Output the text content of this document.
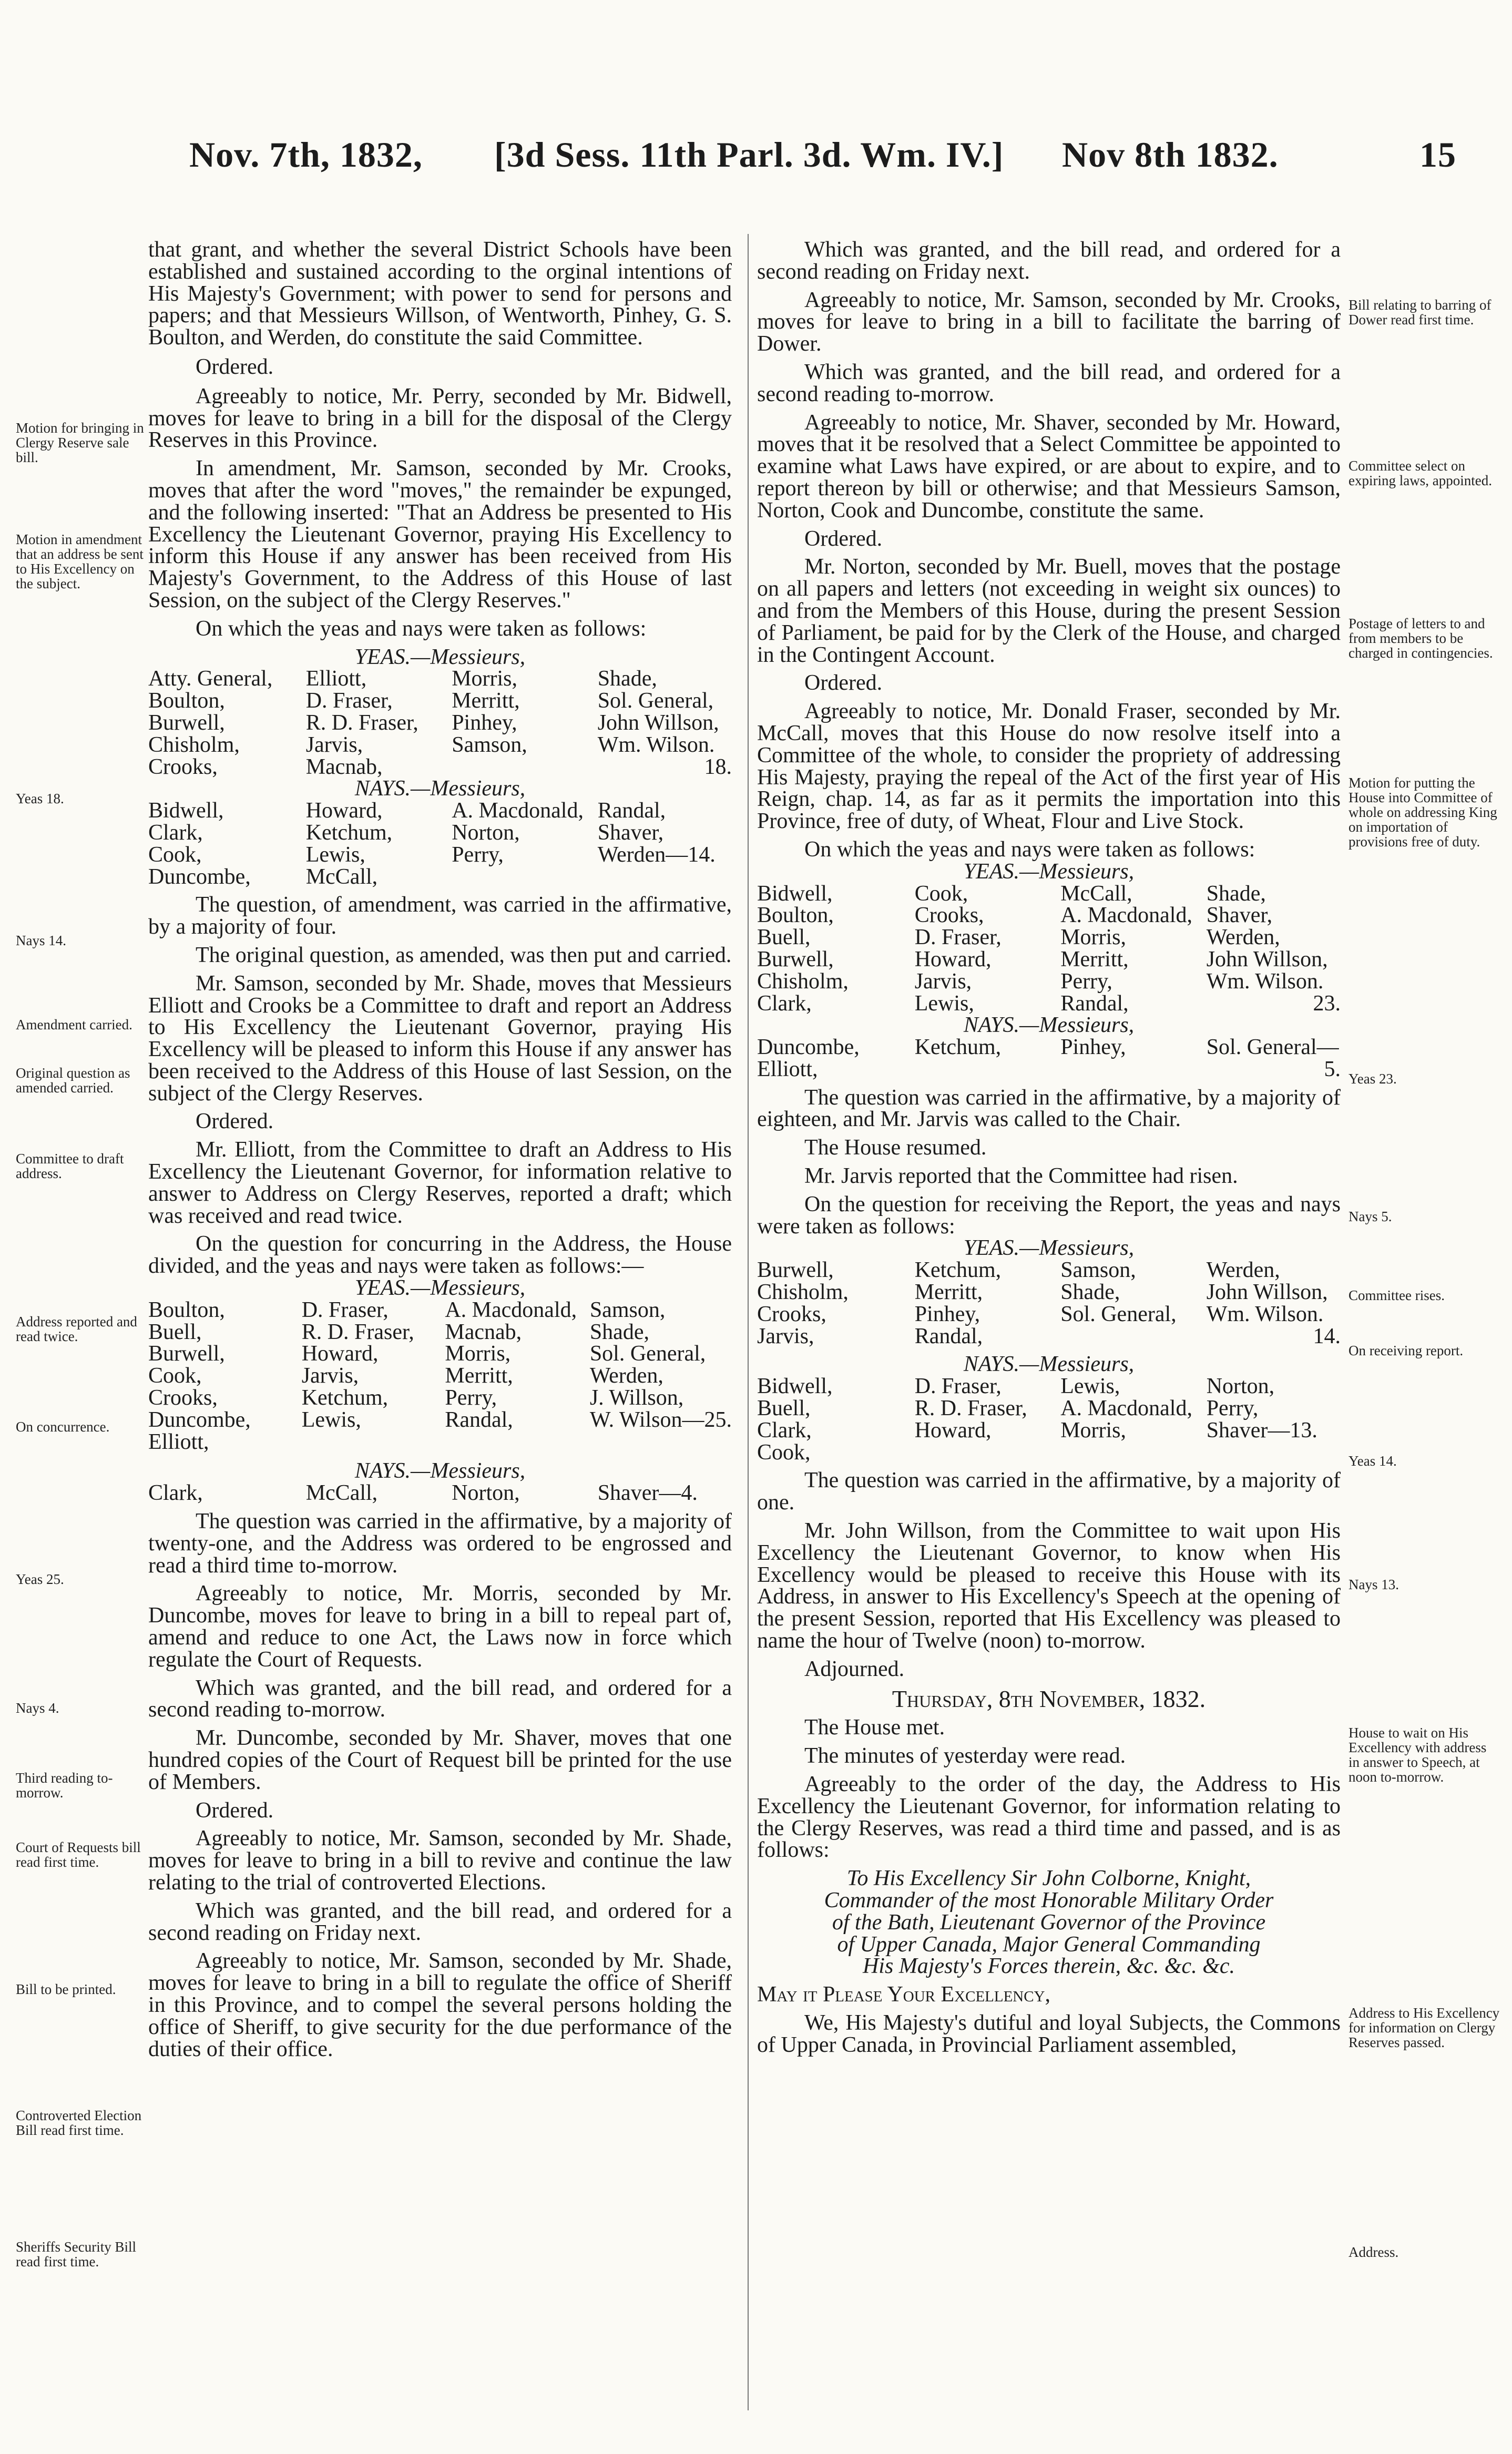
Nov. 7th, 1832, [3d Sess. 11th Parl. 3d. Wm. IV.] Nov 8th 1832.	15

that grant, and whether the several District Schools have been established and sustained according to the orginal intentions of His Majesty's Government; with power to send for persons and papers; and that Messieurs Willson, of Wentworth, Pinhey, G. S. Boulton, and Werden, do constitute the said Committee.

Ordered.

Agreeably to notice, Mr. Perry, seconded by Mr. Bidwell, moves for leave to bring in a bill for the disposal of the Clergy Reserves in this Province.

In amendment, Mr. Samson, seconded by Mr. Crooks, moves that after the word "moves," the remainder be expunged, and the following inserted: "That an Address be presented to His Excellency the Lieutenant Governor, praying His Excellency to inform this House if any answer has been received from His Majesty's Government, to the Address of this House of last Session, on the subject of the Clergy Reserves."

On which the yeas and nays were taken as follows:

YEAS.—Messieurs,

Atty. General,	Elliott,	Morris,	Shade,
Boulton,	D. Fraser,	Merritt,	Sol. General,
Burwell,	R. D. Fraser,	Pinhey,	John Willson,
Chisholm,	Jarvis,	Samson,	Wm. Wilson.
Crooks,	Macnab,		18.

NAYS.—Messieurs,

Bidwell,	Howard,	A. Macdonald,	Randal,
Clark,	Ketchum,	Norton,	Shaver,
Cook,	Lewis,	Perry,	Werden—14.
Duncombe,	McCall,		

The question, of amendment, was carried in the affirmative, by a majority of four.

The original question, as amended, was then put and carried.

Mr. Samson, seconded by Mr. Shade, moves that Messieurs Elliott and Crooks be a Committee to draft and report an Address to His Excellency the Lieutenant Governor, praying His Excellency will be pleased to inform this House if any answer has been received to the Address of this House of last Session, on the subject of the Clergy Reserves.

Ordered.

Mr. Elliott, from the Committee to draft an Address to His Excellency the Lieutenant Governor, for information relative to answer to Address on Clergy Reserves, reported a draft; which was received and read twice.

On the question for concurring in the Address, the House divided, and the yeas and nays were taken as follows:—

YEAS.—Messieurs,

Boulton,	D. Fraser,	A. Macdonald,	Samson,
Buell,	R. D. Fraser,	Macnab,	Shade,
Burwell,	Howard,	Morris,	Sol. General,
Cook,	Jarvis,	Merritt,	Werden,
Crooks,	Ketchum,	Perry,	J. Willson,
Duncombe,	Lewis,	Randal,	W. Wilson—25.
Elliott,			

NAYS.—Messieurs,

Clark,	McCall,	Norton,	Shaver—4.

The question was carried in the affirmative, by a majority of twenty-one, and the Address was ordered to be engrossed and read a third time to-morrow.

Agreeably to notice, Mr. Morris, seconded by Mr. Duncombe, moves for leave to bring in a bill to repeal part of, amend and reduce to one Act, the Laws now in force which regulate the Court of Requests.

Which was granted, and the bill read, and ordered for a second reading to-morrow.

Mr. Duncombe, seconded by Mr. Shaver, moves that one hundred copies of the Court of Request bill be printed for the use of Members.

Ordered.

Agreeably to notice, Mr. Samson, seconded by Mr. Shade, moves for leave to bring in a bill to revive and continue the law relating to the trial of controverted Elections.

Which was granted, and the bill read, and ordered for a second reading on Friday next.

Agreeably to notice, Mr. Samson, seconded by Mr. Shade, moves for leave to bring in a bill to regulate the office of Sheriff in this Province, and to compel the several persons holding the office of Sheriff, to give security for the due performance of the duties of their office.

Which was granted, and the bill read, and ordered for a second reading on Friday next.

Agreeably to notice, Mr. Samson, seconded by Mr. Crooks, moves for leave to bring in a bill to facilitate the barring of Dower.

Which was granted, and the bill read, and ordered for a second reading to-morrow.

Agreeably to notice, Mr. Shaver, seconded by Mr. Howard, moves that it be resolved that a Select Committee be appointed to examine what Laws have expired, or are about to expire, and to report thereon by bill or otherwise; and that Messieurs Samson, Norton, Cook and Duncombe, constitute the same.

Ordered.

Mr. Norton, seconded by Mr. Buell, moves that the postage on all papers and letters (not exceeding in weight six ounces) to and from the Members of this House, during the present Session of Parliament, be paid for by the Clerk of the House, and charged in the Contingent Account.

Ordered.

Agreeably to notice, Mr. Donald Fraser, seconded by Mr. McCall, moves that this House do now resolve itself into a Committee of the whole, to consider the propriety of addressing His Majesty, praying the repeal of the Act of the first year of His Reign, chap. 14, as far as it permits the importation into this Province, free of duty, of Wheat, Flour and Live Stock.

On which the yeas and nays were taken as follows:

YEAS.—Messieurs,

Bidwell,	Cook,	McCall,	Shade,
Boulton,	Crooks,	A. Macdonald,	Shaver,
Buell,	D. Fraser,	Morris,	Werden,
Burwell,	Howard,	Merritt,	John Willson,
Chisholm,	Jarvis,	Perry,	Wm. Wilson.
Clark,	Lewis,	Randal,	23.

NAYS.—Messieurs,

Duncombe,	Ketchum,	Pinhey,	Sol. General—
Elliott,			5.

The question was carried in the affirmative, by a majority of eighteen, and Mr. Jarvis was called to the Chair.

The House resumed.

Mr. Jarvis reported that the Committee had risen.

On the question for receiving the Report, the yeas and nays were taken as follows:

YEAS.—Messieurs,

Burwell,	Ketchum,	Samson,	Werden,
Chisholm,	Merritt,	Shade,	John Willson,
Crooks,	Pinhey,	Sol. General,	Wm. Wilson.
Jarvis,	Randal,		14.

NAYS.—Messieurs,

Bidwell,	D. Fraser,	Lewis,	Norton,
Buell,	R. D. Fraser,	A. Macdonald,	Perry,
Clark,	Howard,	Morris,	Shaver—13.
Cook,			

The question was carried in the affirmative, by a majority of one.

Mr. John Willson, from the Committee to wait upon His Excellency the Lieutenant Governor, to know when His Excellency would be pleased to receive this House with its Address, in answer to His Excellency's Speech at the opening of the present Session, reported that His Excellency was pleased to name the hour of Twelve (noon) to-morrow.

Adjourned.

Thursday, 8th November, 1832.

The House met.

The minutes of yesterday were read.

Agreeably to the order of the day, the Address to His Excellency the Lieutenant Governor, for information relating to the Clergy Reserves, was read a third time and passed, and is as follows:

To His Excellency Sir John Colborne, Knight,

Commander of the most Honorable Military Order

of the Bath, Lieutenant Governor of the Province

of Upper Canada, Major General Commanding

His Majesty's Forces therein, &c. &c. &c.

May it Please Your Excellency,

We, His Majesty's dutiful and loyal Subjects, the Commons of Upper Canada, in Provincial Parliament assembled,

Motion for bringing in Clergy Reserve sale bill.
Motion in amendment that an address be sent to His Excellency on the subject.
Yeas 18.
Nays 14.
Amendment carried.
Original question as amended carried.
Committee to draft address.
Address reported and read twice.
On concurrence.
Yeas 25.
Nays 4.
Third reading to-morrow.
Court of Requests bill read first time.
Bill to be printed.
Controverted Election Bill read first time.
Sheriffs Security Bill read first time.
Bill relating to barring of Dower read first time.
Committee select on expiring laws, appointed.
Postage of letters to and from members to be charged in contingencies.
Motion for putting the House into Committee of whole on addressing King on importation of provisions free of duty.
Yeas 23.
Nays 5.
Committee rises.
On receiving report.
Yeas 14.
Nays 13.
House to wait on His Excellency with address in answer to Speech, at noon to-morrow.
Address to His Excellency for information on Clergy Reserves passed.
Address.
